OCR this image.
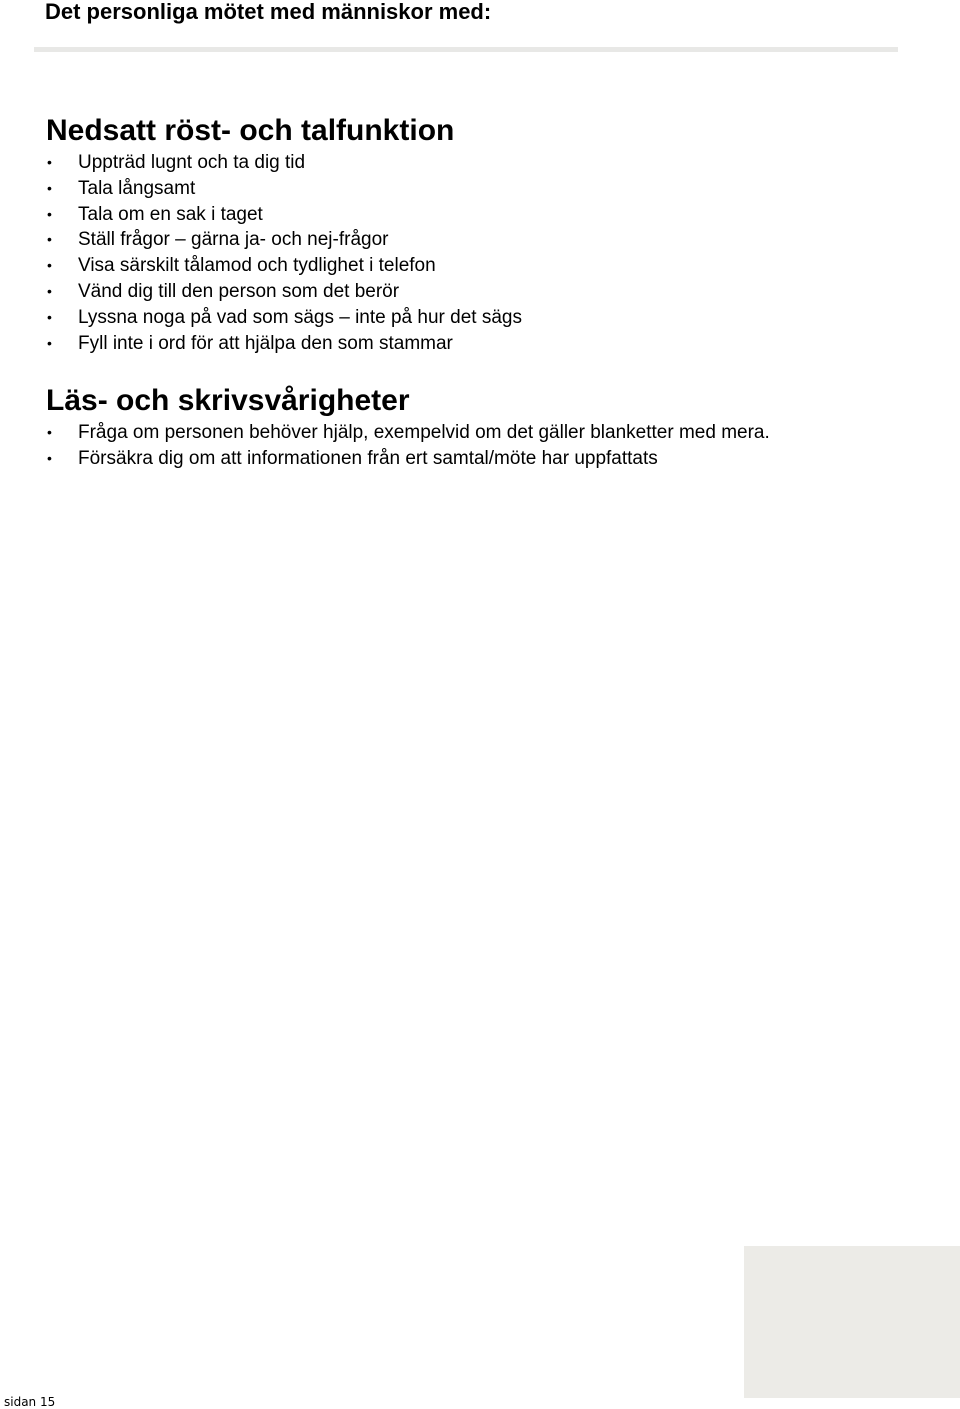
Det personliga mötet med människor med:
Nedsatt röst- och talfunktion
• Uppträd lugnt och ta dig tid
• Tala långsamt
• Tala om en sak i taget
• Ställ frågor – gärna ja- och nej-frågor
• Visa särskilt tålamod och tydlighet i telefon
• Vänd dig till den person som det berör
• Lyssna noga på vad som sägs – inte på hur det sägs
• Fyll inte i ord för att hjälpa den som stammar
Läs- och skrivsvårigheter
• Fråga om personen behöver hjälp, exempelvid om det gäller blanketter med mera.
• Försäkra dig om att informationen från ert samtal/möte har uppfattats
sidan 15
